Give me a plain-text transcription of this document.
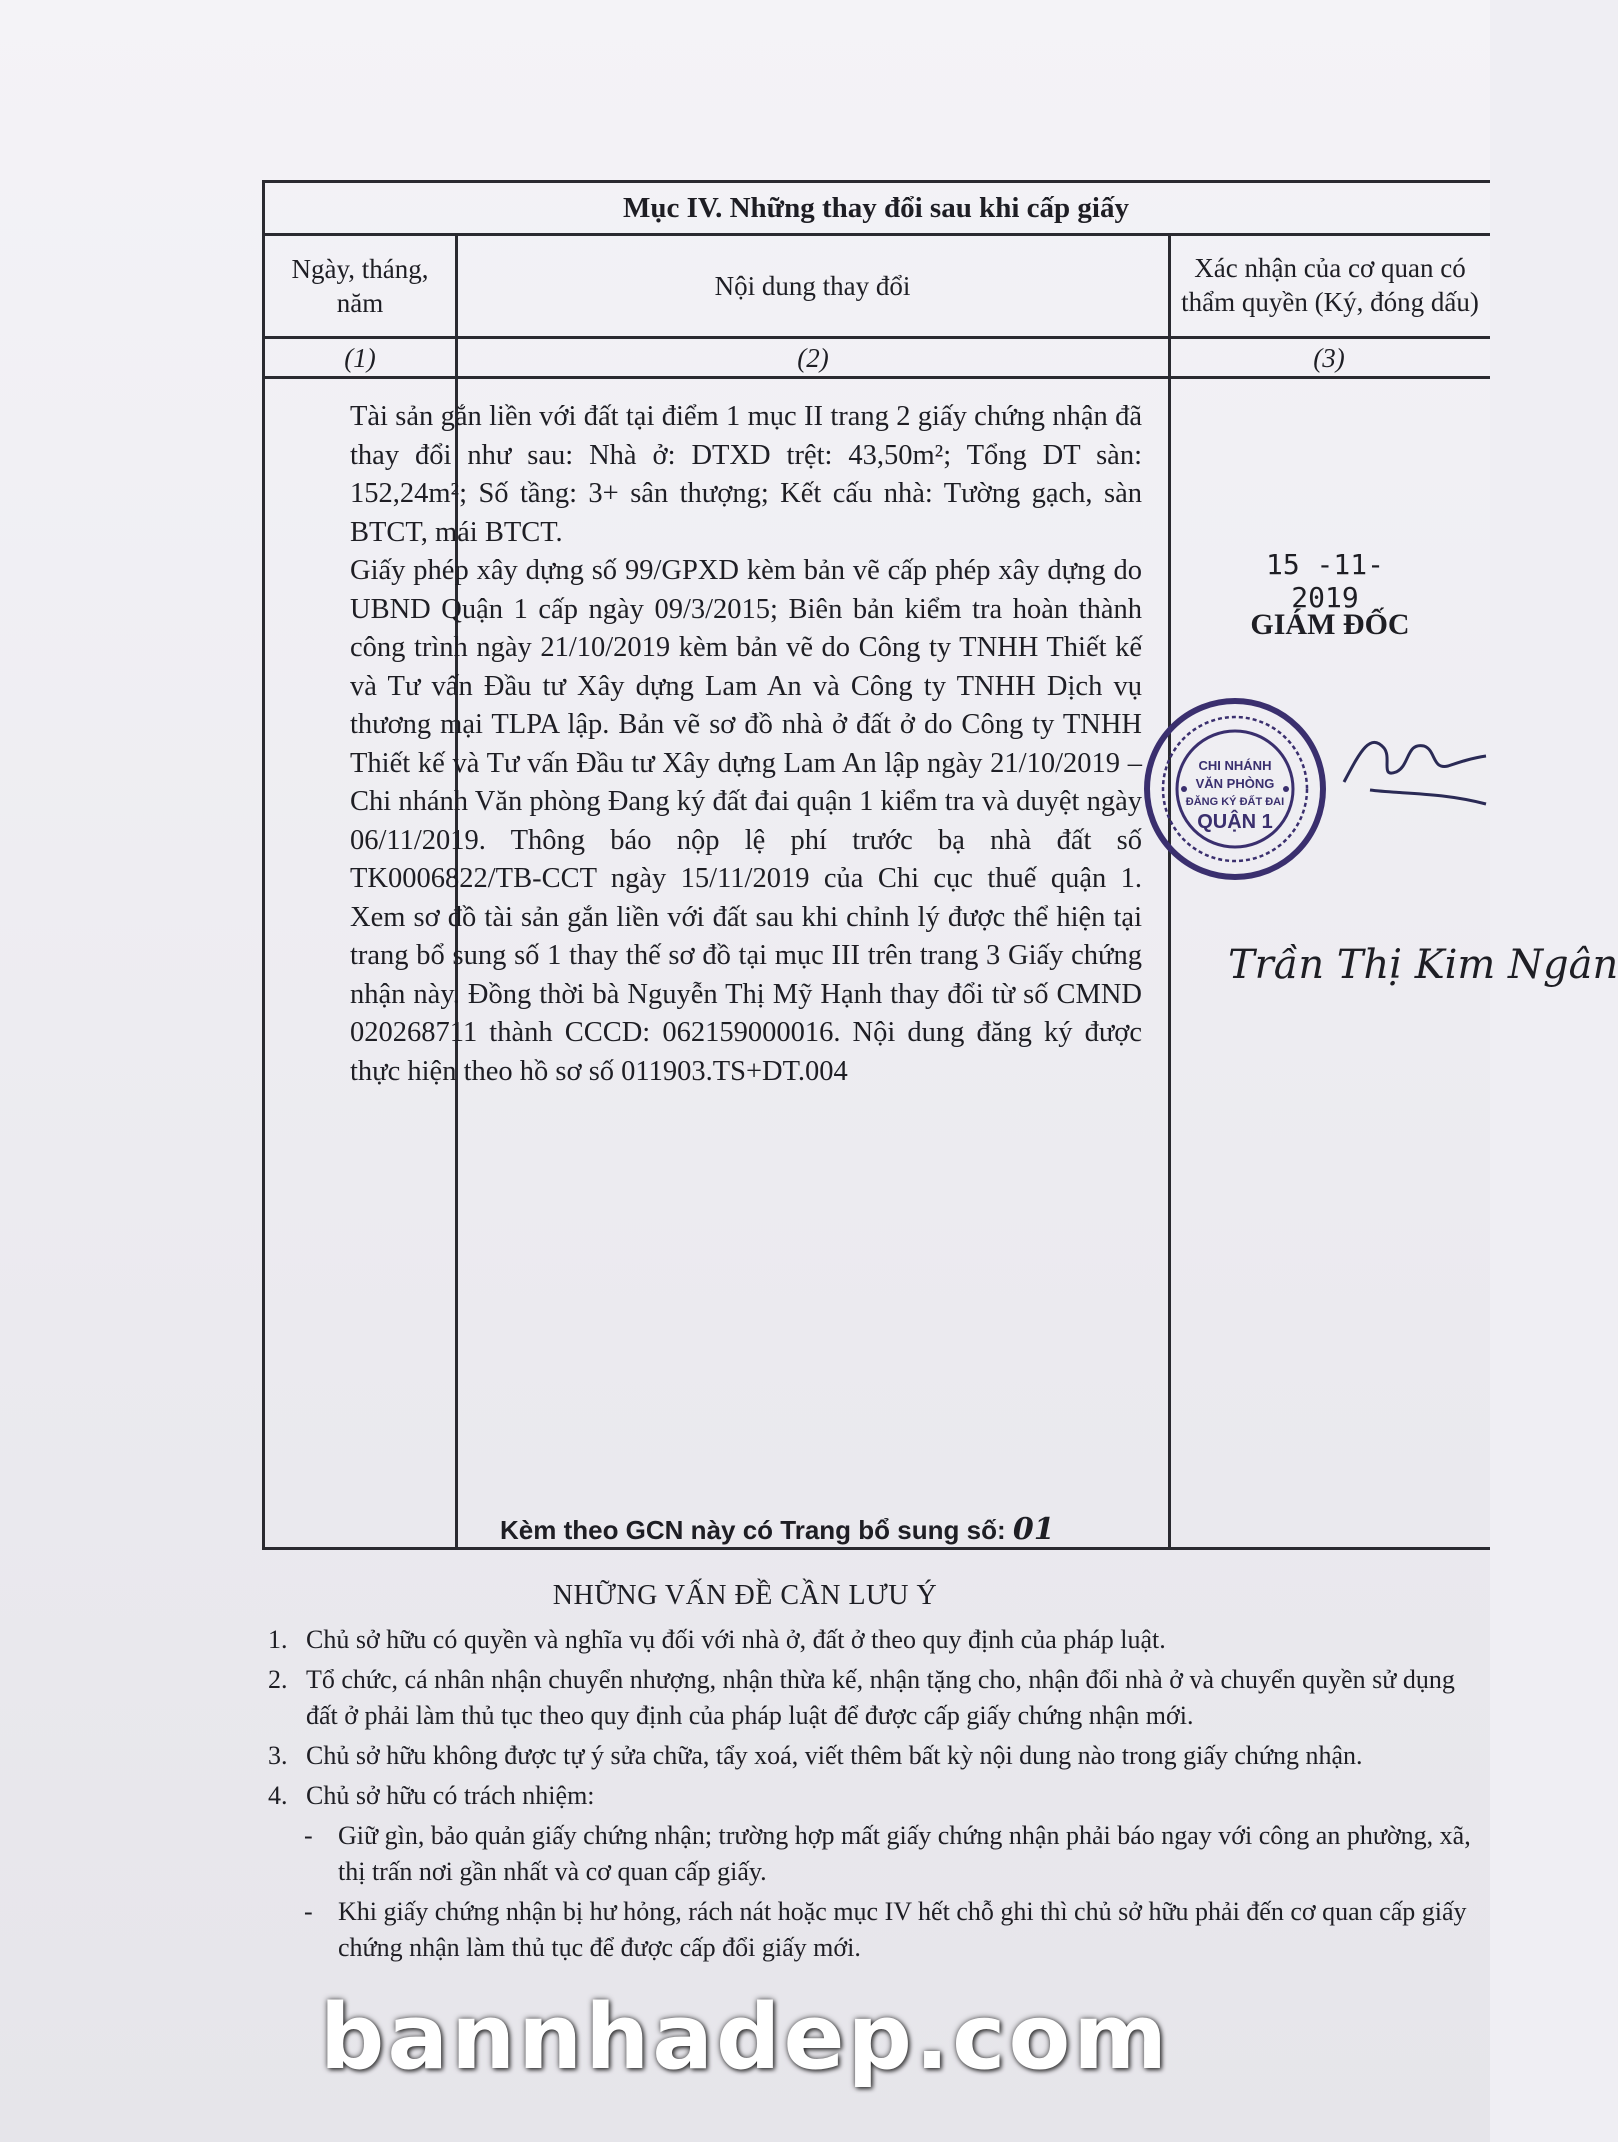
Mục IV. Những thay đổi sau khi cấp giấy
Ngày, tháng, năm
Nội dung thay đổi
Xác nhận của cơ quan có thẩm quyền (Ký, đóng dấu)
(1)	(2)	(3)

Tài sản gắn liền với đất tại điểm 1 mục II trang 2 giấy chứng nhận đã thay đổi như sau: Nhà ở: DTXD trệt: 43,50m²; Tổng DT sàn: 152,24m²; Số tầng: 3+ sân thượng; Kết cấu nhà: Tường gạch, sàn BTCT, mái BTCT.

Giấy phép xây dựng số 99/GPXD kèm bản vẽ cấp phép xây dựng do UBND Quận 1 cấp ngày 09/3/2015; Biên bản kiểm tra hoàn thành công trình ngày 21/10/2019 kèm bản vẽ do Công ty TNHH Thiết kế và Tư vấn Đầu tư Xây dựng Lam An và Công ty TNHH Dịch vụ thương mại TLPA lập. Bản vẽ sơ đồ nhà ở đất ở do Công ty TNHH Thiết kế và Tư vấn Đầu tư Xây dựng Lam An lập ngày 21/10/2019 – Chi nhánh Văn phòng Đang ký đất đai quận 1 kiểm tra và duyệt ngày 06/11/2019. Thông báo nộp lệ phí trước bạ nhà đất số TK0006822/TB-CCT ngày 15/11/2019 của Chi cục thuế quận 1. Xem sơ đồ tài sản gắn liền với đất sau khi chỉnh lý được thể hiện tại trang bổ sung số 1 thay thế sơ đồ tại mục III trên trang 3 Giấy chứng nhận này. Đồng thời bà Nguyễn Thị Mỹ Hạnh thay đổi từ số CMND 020268711 thành CCCD: 062159000016. Nội dung đăng ký được thực hiện theo hồ sơ số 011903.TS+DT.004

Kèm theo GCN này có Trang bổ sung số: 01
15 -11- 2019
GIÁM ĐỐC
CHI NHÁNH
VĂN PHÒNG
ĐĂNG KÝ ĐẤT ĐAI
QUẬN 1
Trần Thị Kim Ngân
NHỮNG VẤN ĐỀ CẦN LƯU Ý
1. Chủ sở hữu có quyền và nghĩa vụ đối với nhà ở, đất ở theo quy định của pháp luật.
2. Tổ chức, cá nhân nhận chuyển nhượng, nhận thừa kế, nhận tặng cho, nhận đổi nhà ở và chuyển quyền sử dụng đất ở phải làm thủ tục theo quy định của pháp luật để được cấp giấy chứng nhận mới.
3. Chủ sở hữu không được tự ý sửa chữa, tẩy xoá, viết thêm bất kỳ nội dung nào trong giấy chứng nhận.
4. Chủ sở hữu có trách nhiệm:
- Giữ gìn, bảo quản giấy chứng nhận; trường hợp mất giấy chứng nhận phải báo ngay với công an phường, xã, thị trấn nơi gần nhất và cơ quan cấp giấy.
- Khi giấy chứng nhận bị hư hỏng, rách nát hoặc mục IV hết chỗ ghi thì chủ sở hữu phải đến cơ quan cấp giấy chứng nhận làm thủ tục để được cấp đổi giấy mới.
bannhadep.com
